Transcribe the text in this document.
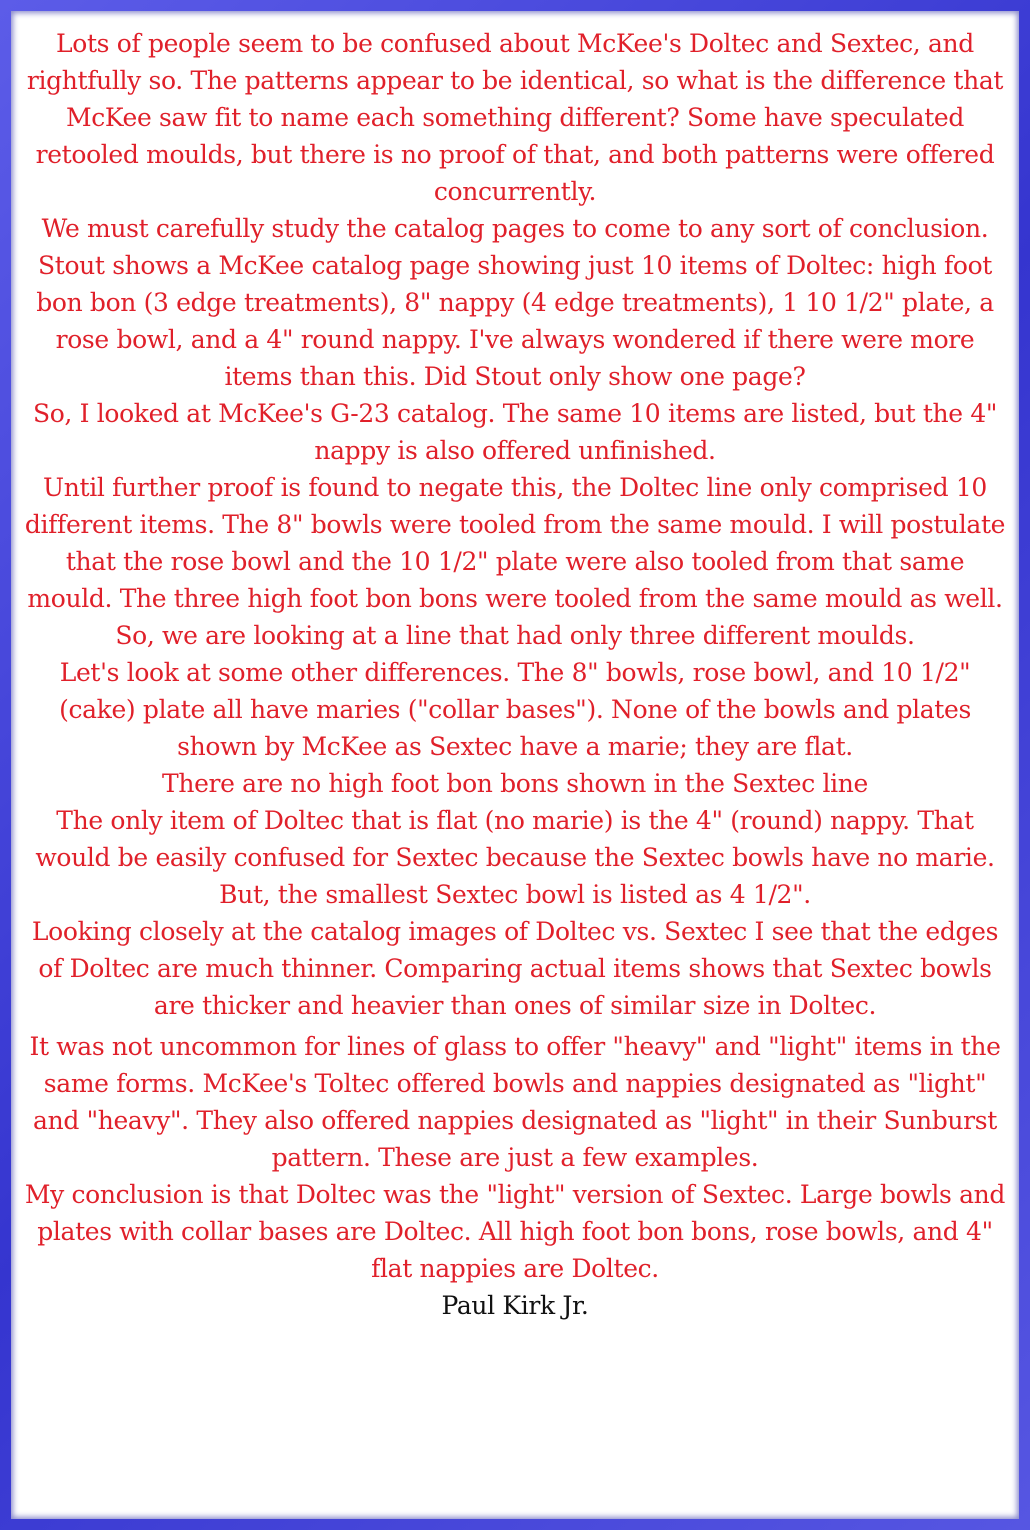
Lots of people seem to be confused about McKee's Doltec and Sextec, and rightfully so. The patterns appear to be identical, so what is the difference that McKee saw fit to name each something different? Some have speculated retooled moulds, but there is no proof of that, and both patterns were offered concurrently.

We must carefully study the catalog pages to come to any sort of conclusion.

Stout shows a McKee catalog page showing just 10 items of Doltec: high foot bon bon (3 edge treatments), 8" nappy (4 edge treatments), 1 10 1/2" plate, a rose bowl, and a 4" round nappy. I've always wondered if there were more items than this. Did Stout only show one page?

So, I looked at McKee's G-23 catalog. The same 10 items are listed, but the 4" nappy is also offered unfinished.

Until further proof is found to negate this, the Doltec line only comprised 10 different items. The 8" bowls were tooled from the same mould. I will postulate that the rose bowl and the 10 1/2" plate were also tooled from that same mould. The three high foot bon bons were tooled from the same mould as well.

So, we are looking at a line that had only three different moulds.

Let's look at some other differences. The 8" bowls, rose bowl, and 10 1/2" (cake) plate all have maries ("collar bases"). None of the bowls and plates shown by McKee as Sextec have a marie; they are flat.

There are no high foot bon bons shown in the Sextec line

The only item of Doltec that is flat (no marie) is the 4" (round) nappy. That would be easily confused for Sextec because the Sextec bowls have no marie. But, the smallest Sextec bowl is listed as 4 1/2".

Looking closely at the catalog images of Doltec vs. Sextec I see that the edges of Doltec are much thinner. Comparing actual items shows that Sextec bowls are thicker and heavier than ones of similar size in Doltec.

It was not uncommon for lines of glass to offer "heavy" and "light" items in the same forms. McKee's Toltec offered bowls and nappies designated as "light" and "heavy". They also offered nappies designated as "light" in their Sunburst pattern. These are just a few examples.

My conclusion is that Doltec was the "light" version of Sextec. Large bowls and plates with collar bases are Doltec. All high foot bon bons, rose bowls, and 4" flat nappies are Doltec.

Paul Kirk Jr.
